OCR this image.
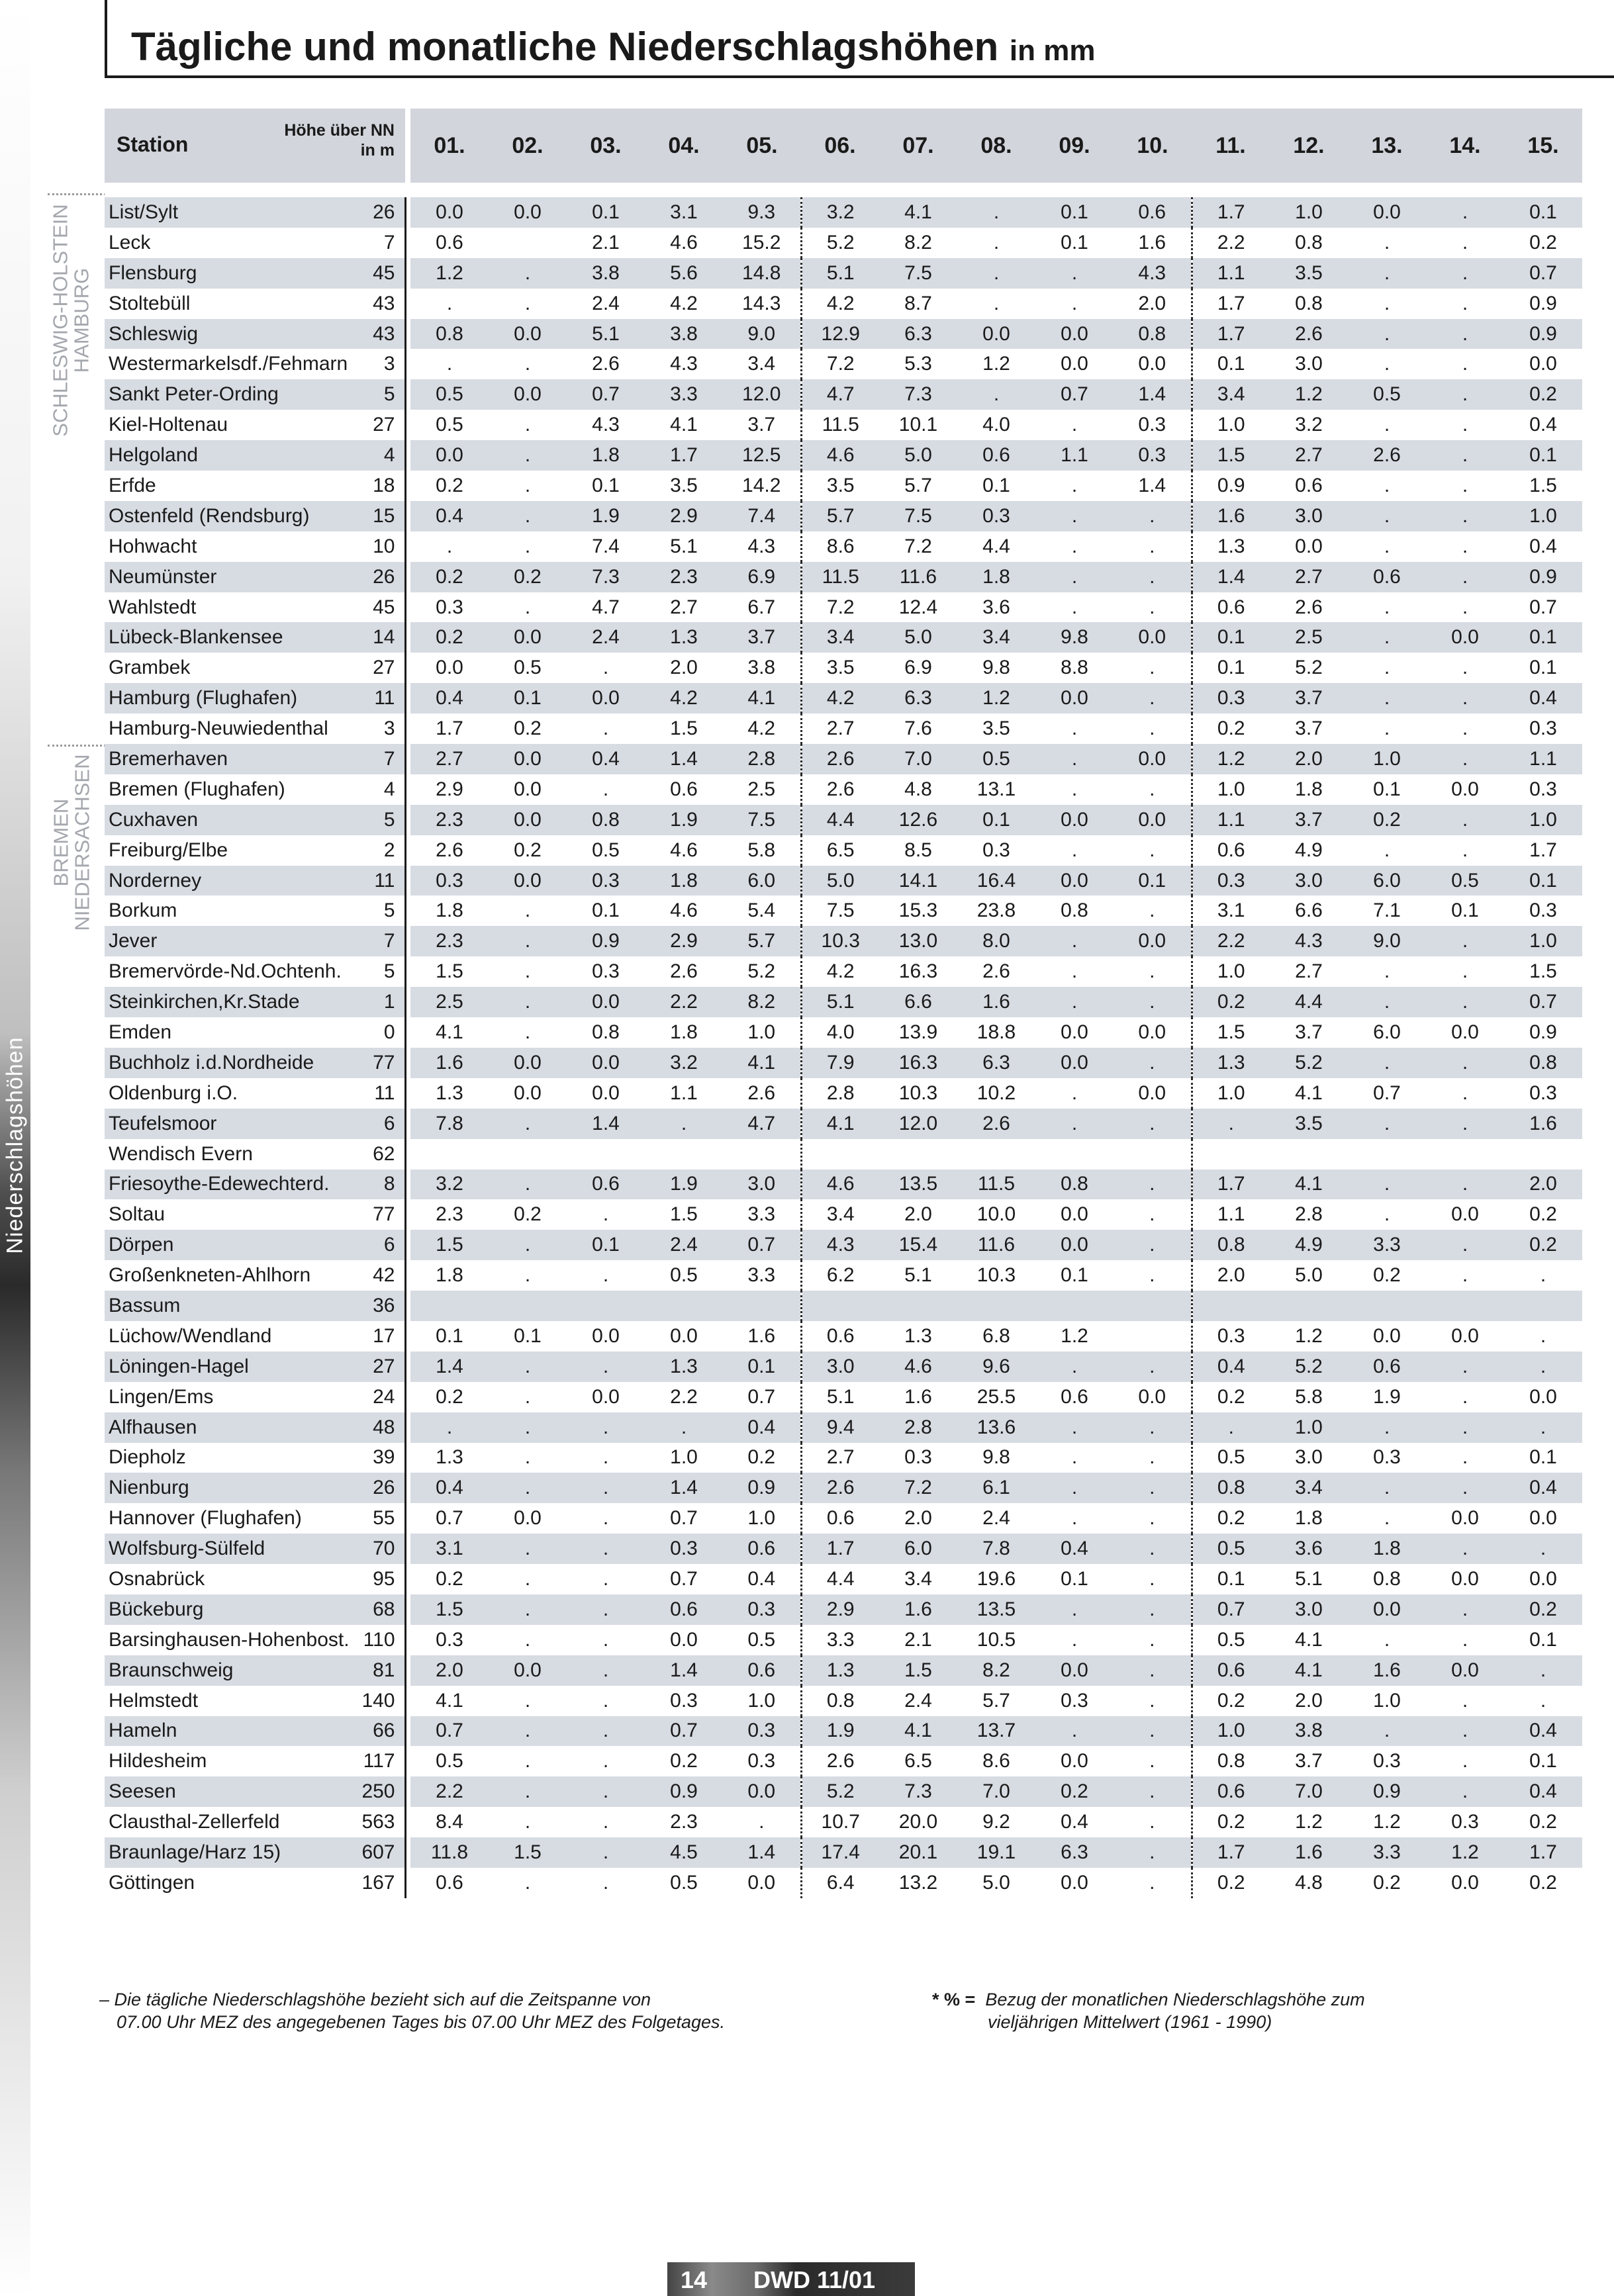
Niederschlagshöhen
Tägliche und monatliche Niederschlagshöhen in mm
SCHLESWIG-HOLSTEIN
HAMBURG
BREMEN
NIEDERSACHSEN
Station
Höhe über NN
in m			01.	02.	03.	04.	05.	06.	07.	08.	09.	10.	11.	12.	13.	14.	15.

List/Sylt	26		0.0	0.0	0.1	3.1	9.3	3.2	4.1	.	0.1	0.6	1.7	1.0	0.0	.	0.1
Leck	7		0.6		2.1	4.6	15.2	5.2	8.2	.	0.1	1.6	2.2	0.8	.	.	0.2
Flensburg	45		1.2	.	3.8	5.6	14.8	5.1	7.5	.	.	4.3	1.1	3.5	.	.	0.7
Stoltebüll	43		.	.	2.4	4.2	14.3	4.2	8.7	.	.	2.0	1.7	0.8	.	.	0.9
Schleswig	43		0.8	0.0	5.1	3.8	9.0	12.9	6.3	0.0	0.0	0.8	1.7	2.6	.	.	0.9
Westermarkelsdf./Fehmarn	3		.	.	2.6	4.3	3.4	7.2	5.3	1.2	0.0	0.0	0.1	3.0	.	.	0.0
Sankt Peter-Ording	5		0.5	0.0	0.7	3.3	12.0	4.7	7.3	.	0.7	1.4	3.4	1.2	0.5	.	0.2
Kiel-Holtenau	27		0.5	.	4.3	4.1	3.7	11.5	10.1	4.0	.	0.3	1.0	3.2	.	.	0.4
Helgoland	4		0.0	.	1.8	1.7	12.5	4.6	5.0	0.6	1.1	0.3	1.5	2.7	2.6	.	0.1
Erfde	18		0.2	.	0.1	3.5	14.2	3.5	5.7	0.1	.	1.4	0.9	0.6	.	.	1.5
Ostenfeld (Rendsburg)	15		0.4	.	1.9	2.9	7.4	5.7	7.5	0.3	.	.	1.6	3.0	.	.	1.0
Hohwacht	10		.	.	7.4	5.1	4.3	8.6	7.2	4.4	.	.	1.3	0.0	.	.	0.4
Neumünster	26		0.2	0.2	7.3	2.3	6.9	11.5	11.6	1.8	.	.	1.4	2.7	0.6	.	0.9
Wahlstedt	45		0.3	.	4.7	2.7	6.7	7.2	12.4	3.6	.	.	0.6	2.6	.	.	0.7
Lübeck-Blankensee	14		0.2	0.0	2.4	1.3	3.7	3.4	5.0	3.4	9.8	0.0	0.1	2.5	.	0.0	0.1
Grambek	27		0.0	0.5	.	2.0	3.8	3.5	6.9	9.8	8.8	.	0.1	5.2	.	.	0.1
Hamburg (Flughafen)	11		0.4	0.1	0.0	4.2	4.1	4.2	6.3	1.2	0.0	.	0.3	3.7	.	.	0.4
Hamburg-Neuwiedenthal	3		1.7	0.2	.	1.5	4.2	2.7	7.6	3.5	.	.	0.2	3.7	.	.	0.3
Bremerhaven	7		2.7	0.0	0.4	1.4	2.8	2.6	7.0	0.5	.	0.0	1.2	2.0	1.0	.	1.1
Bremen (Flughafen)	4		2.9	0.0	.	0.6	2.5	2.6	4.8	13.1	.	.	1.0	1.8	0.1	0.0	0.3
Cuxhaven	5		2.3	0.0	0.8	1.9	7.5	4.4	12.6	0.1	0.0	0.0	1.1	3.7	0.2	.	1.0
Freiburg/Elbe	2		2.6	0.2	0.5	4.6	5.8	6.5	8.5	0.3	.	.	0.6	4.9	.	.	1.7
Norderney	11		0.3	0.0	0.3	1.8	6.0	5.0	14.1	16.4	0.0	0.1	0.3	3.0	6.0	0.5	0.1
Borkum	5		1.8	.	0.1	4.6	5.4	7.5	15.3	23.8	0.8	.	3.1	6.6	7.1	0.1	0.3
Jever	7		2.3	.	0.9	2.9	5.7	10.3	13.0	8.0	.	0.0	2.2	4.3	9.0	.	1.0
Bremervörde-Nd.Ochtenh.	5		1.5	.	0.3	2.6	5.2	4.2	16.3	2.6	.	.	1.0	2.7	.	.	1.5
Steinkirchen,Kr.Stade	1		2.5	.	0.0	2.2	8.2	5.1	6.6	1.6	.	.	0.2	4.4	.	.	0.7
Emden	0		4.1	.	0.8	1.8	1.0	4.0	13.9	18.8	0.0	0.0	1.5	3.7	6.0	0.0	0.9
Buchholz i.d.Nordheide	77		1.6	0.0	0.0	3.2	4.1	7.9	16.3	6.3	0.0	.	1.3	5.2	.	.	0.8
Oldenburg i.O.	11		1.3	0.0	0.0	1.1	2.6	2.8	10.3	10.2	.	0.0	1.0	4.1	0.7	.	0.3
Teufelsmoor	6		7.8	.	1.4	.	4.7	4.1	12.0	2.6	.	.	.	3.5	.	.	1.6
Wendisch Evern	62																
Friesoythe-Edewechterd.	8		3.2	.	0.6	1.9	3.0	4.6	13.5	11.5	0.8	.	1.7	4.1	.	.	2.0
Soltau	77		2.3	0.2	.	1.5	3.3	3.4	2.0	10.0	0.0	.	1.1	2.8	.	0.0	0.2
Dörpen	6		1.5	.	0.1	2.4	0.7	4.3	15.4	11.6	0.0	.	0.8	4.9	3.3	.	0.2
Großenkneten-Ahlhorn	42		1.8	.	.	0.5	3.3	6.2	5.1	10.3	0.1	.	2.0	5.0	0.2	.	.
Bassum	36																
Lüchow/Wendland	17		0.1	0.1	0.0	0.0	1.6	0.6	1.3	6.8	1.2		0.3	1.2	0.0	0.0	.
Löningen-Hagel	27		1.4	.	.	1.3	0.1	3.0	4.6	9.6	.	.	0.4	5.2	0.6	.	.
Lingen/Ems	24		0.2	.	0.0	2.2	0.7	5.1	1.6	25.5	0.6	0.0	0.2	5.8	1.9	.	0.0
Alfhausen	48		.	.	.	.	0.4	9.4	2.8	13.6	.	.	.	1.0	.	.	.
Diepholz	39		1.3	.	.	1.0	0.2	2.7	0.3	9.8	.	.	0.5	3.0	0.3	.	0.1
Nienburg	26		0.4	.	.	1.4	0.9	2.6	7.2	6.1	.	.	0.8	3.4	.	.	0.4
Hannover (Flughafen)	55		0.7	0.0	.	0.7	1.0	0.6	2.0	2.4	.	.	0.2	1.8	.	0.0	0.0
Wolfsburg-Sülfeld	70		3.1	.	.	0.3	0.6	1.7	6.0	7.8	0.4	.	0.5	3.6	1.8	.	.
Osnabrück	95		0.2	.	.	0.7	0.4	4.4	3.4	19.6	0.1	.	0.1	5.1	0.8	0.0	0.0
Bückeburg	68		1.5	.	.	0.6	0.3	2.9	1.6	13.5	.	.	0.7	3.0	0.0	.	0.2
Barsinghausen-Hohenbost.	110		0.3	.	.	0.0	0.5	3.3	2.1	10.5	.	.	0.5	4.1	.	.	0.1
Braunschweig	81		2.0	0.0	.	1.4	0.6	1.3	1.5	8.2	0.0	.	0.6	4.1	1.6	0.0	.
Helmstedt	140		4.1	.	.	0.3	1.0	0.8	2.4	5.7	0.3	.	0.2	2.0	1.0	.	.
Hameln	66		0.7	.	.	0.7	0.3	1.9	4.1	13.7	.	.	1.0	3.8	.	.	0.4
Hildesheim	117		0.5	.	.	0.2	0.3	2.6	6.5	8.6	0.0	.	0.8	3.7	0.3	.	0.1
Seesen	250		2.2	.	.	0.9	0.0	5.2	7.3	7.0	0.2	.	0.6	7.0	0.9	.	0.4
Clausthal-Zellerfeld	563		8.4	.	.	2.3	.	10.7	20.0	9.2	0.4	.	0.2	1.2	1.2	0.3	0.2
Braunlage/Harz 15)	607		11.8	1.5	.	4.5	1.4	17.4	20.1	19.1	6.3	.	1.7	1.6	3.3	1.2	1.7
Göttingen	167		0.6	.	.	0.5	0.0	6.4	13.2	5.0	0.0	.	0.2	4.8	0.2	0.0	0.2
– Die tägliche Niederschlagshöhe bezieht sich auf die Zeitspanne von
07.00 Uhr MEZ des angegebenen Tages bis 07.00 Uhr MEZ des Folgetages.
* % = Bezug der monatlichen Niederschlagshöhe zum
vieljährigen Mittelwert (1961 - 1990)
14 DWD 11/01
